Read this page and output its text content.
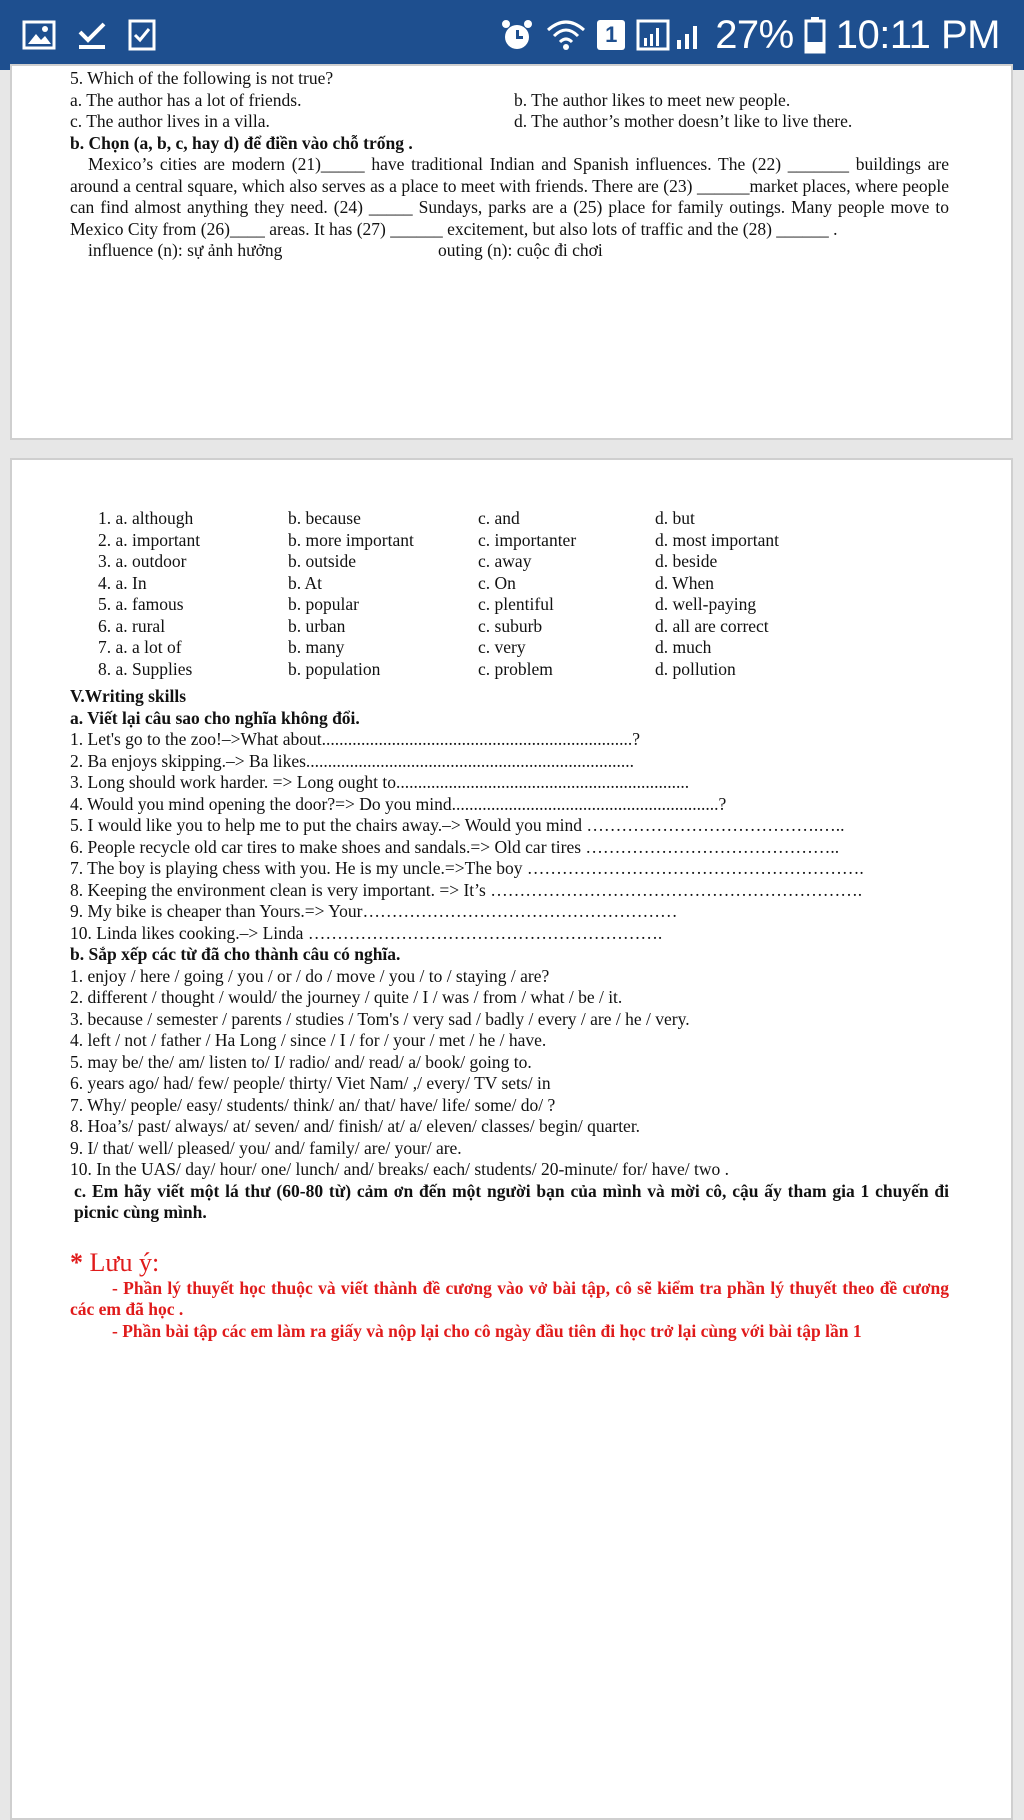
1 27% 10:11 PM
5. Which of the following is not true?
a. The author has a lot of friends.	b. The author likes to meet new people.
c. The author lives in a villa.	d. The author’s mother doesn’t like to live there.
b. Chọn (a, b, c, hay d) để điền vào chỗ trống .
Mexico’s cities are modern (21)_____ have traditional Indian and Spanish influences. The (22) _______ buildings are around a central square, which also serves as a place to meet with friends. There are (23) ______market places, where people can find almost anything they need. (24) _____ Sundays, parks are a (25) place for family outings. Many people move to Mexico City from (26)____ areas. It has (27) ______ excitement, but also lots of traffic and the (28) ______ .
influence (n): sự ảnh hưởng	outing (n): cuộc đi chơi
1. a. although	b. because	c. and	d. but
2. a. important	b. more important	c. importanter	d. most important
3. a. outdoor	b. outside	c. away	d. beside
4. a. In	b. At	c. On	d. When
5. a. famous	b. popular	c. plentiful	d. well-paying
6. a. rural	b. urban	c. suburb	d. all are correct
7. a. a lot of	b. many	c. very	d. much
8. a. Supplies	b. population	c. problem	d. pollution
V.Writing skills
a. Viết lại câu sao cho nghĩa không đổi.
1. Let's go to the zoo!–>What about.......................................................................?
2. Ba enjoys skipping.–> Ba likes...........................................................................
3. Long should work harder. => Long ought to...................................................................
4. Would you mind opening the door?=> Do you mind.............................................................?
5. I would like you to help me to put the chairs away.–> Would you mind ………………………………….…..
6. People recycle old car tires to make shoes and sandals.=> Old car tires ……………………………………..
7. The boy is playing chess with you. He is my uncle.=>The boy ………………………………………………….
8. Keeping the environment clean is very important. => It’s ……………………………………………………….
9. My bike is cheaper than Yours.=> Your………………………………………………
10. Linda likes cooking.–> Linda …………………………………………………….
b. Sắp xếp các từ đã cho thành câu có nghĩa.
1. enjoy / here / going / you / or / do / move / you / to / staying / are?
2. different / thought / would/ the journey / quite / I / was / from / what / be / it.
3. because / semester / parents / studies / Tom's / very sad / badly / every / are / he / very.
4. left / not / father / Ha Long / since / I / for / your / met / he / have.
5. may be/ the/ am/ listen to/ I/ radio/ and/ read/ a/ book/ going to.
6. years ago/ had/ few/ people/ thirty/ Viet Nam/ ,/ every/ TV sets/ in
7. Why/ people/ easy/ students/ think/ an/ that/ have/ life/ some/ do/ ?
8. Hoa’s/ past/ always/ at/ seven/ and/ finish/ at/ a/ eleven/ classes/ begin/ quarter.
9. I/ that/ well/ pleased/ you/ and/ family/ are/ your/ are.
10. In the UAS/ day/ hour/ one/ lunch/ and/ breaks/ each/ students/ 20-minute/ for/ have/ two .
c. Em hãy viết một lá thư (60-80 từ) cảm ơn đến một người bạn của mình và mời cô, cậu ấy tham gia 1 chuyến đi picnic cùng mình.
* Lưu ý:
- Phần lý thuyết học thuộc và viết thành đề cương vào vở bài tập, cô sẽ kiểm tra phần lý thuyết theo đề cương các em đã học .
- Phần bài tập các em làm ra giấy và nộp lại cho cô ngày đầu tiên đi học trở lại cùng với bài tập lần 1
